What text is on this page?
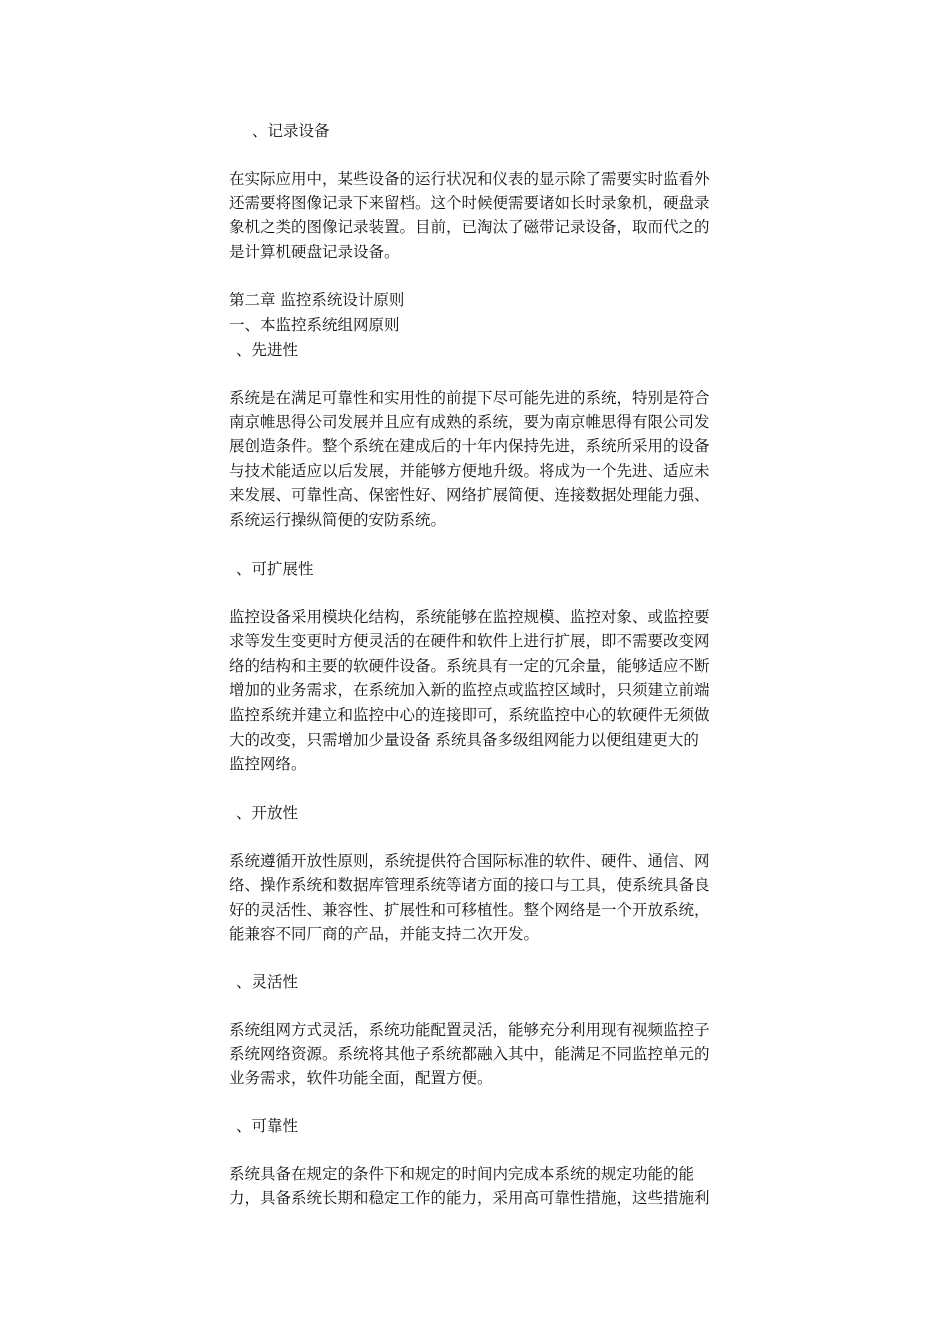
、记录设备
在实际应用中，某些设备的运行状况和仪表的显示除了需要实时监看外
还需要将图像记录下来留档。这个时候便需要诸如长时录象机，硬盘录
象机之类的图像记录装置。目前，已淘汰了磁带记录设备，取而代之的
是计算机硬盘记录设备。
第二章 监控系统设计原则
一、本监控系统组网原则
、先进性
系统是在满足可靠性和实用性的前提下尽可能先进的系统，特别是符合
南京帷思得公司发展并且应有成熟的系统，要为南京帷思得有限公司发
展创造条件。整个系统在建成后的十年内保持先进，系统所采用的设备
与技术能适应以后发展，并能够方便地升级。将成为一个先进、适应未
来发展、可靠性高、保密性好、网络扩展简便、连接数据处理能力强、
系统运行操纵简便的安防系统。
、可扩展性
监控设备采用模块化结构，系统能够在监控规模、监控对象、或监控要
求等发生变更时方便灵活的在硬件和软件上进行扩展，即不需要改变网
络的结构和主要的软硬件设备。系统具有一定的冗余量，能够适应不断
增加的业务需求，在系统加入新的监控点或监控区域时，只须建立前端
监控系统并建立和监控中心的连接即可，系统监控中心的软硬件无须做
大的改变，只需增加少量设备 系统具备多级组网能力以便组建更大的
监控网络。
、开放性
系统遵循开放性原则，系统提供符合国际标准的软件、硬件、通信、网
络、操作系统和数据库管理系统等诸方面的接口与工具，使系统具备良
好的灵活性、兼容性、扩展性和可移植性。整个网络是一个开放系统，
能兼容不同厂商的产品，并能支持二次开发。
、灵活性
系统组网方式灵活，系统功能配置灵活，能够充分利用现有视频监控子
系统网络资源。系统将其他子系统都融入其中，能满足不同监控单元的
业务需求，软件功能全面，配置方便。
、可靠性
系统具备在规定的条件下和规定的时间内完成本系统的规定功能的能
力，具备系统长期和稳定工作的能力，采用高可靠性措施，这些措施利
